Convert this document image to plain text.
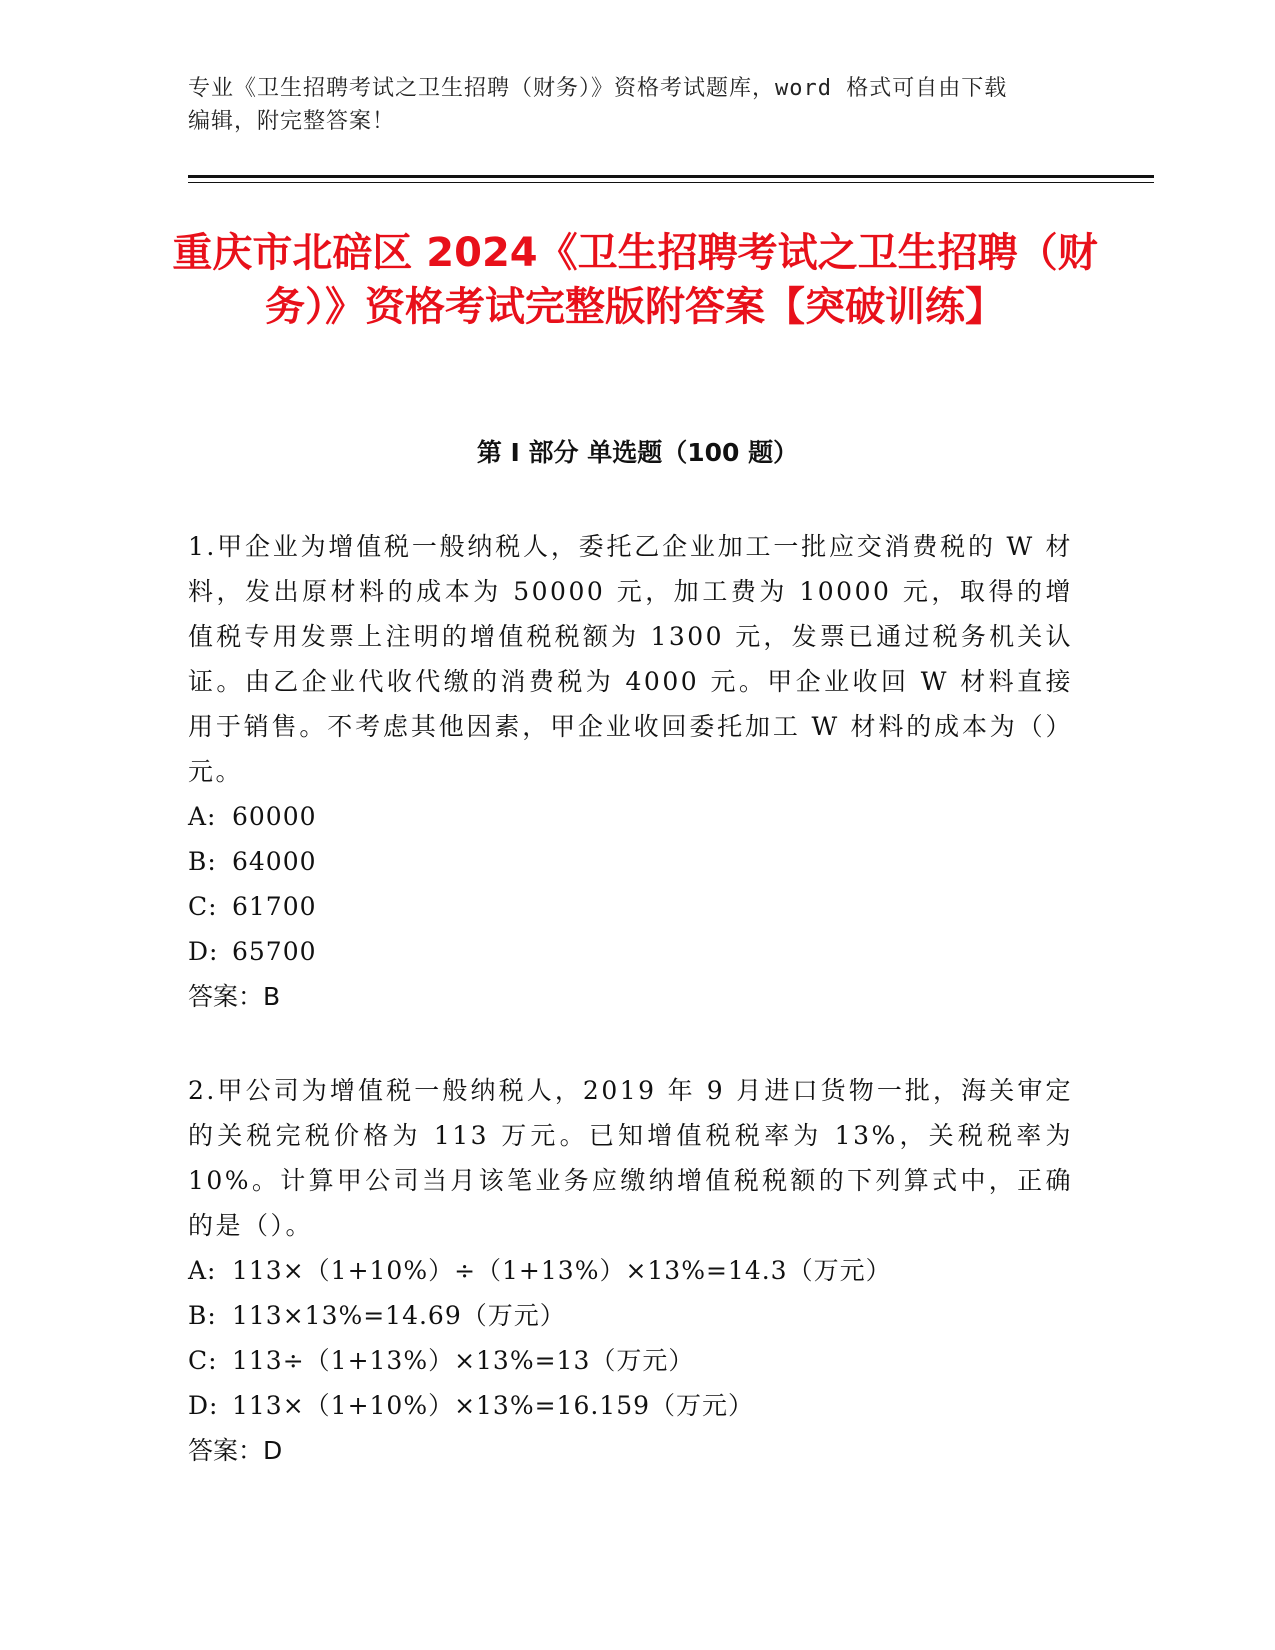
专业《卫生招聘考试之卫生招聘（财务）》资格考试题库，word 格式可自由下载
编辑，附完整答案！
重庆市北碚区 2024《卫生招聘考试之卫生招聘（财务）》资格考试完整版附答案【突破训练】
第 I 部分 单选题（100 题）

1.甲企业为增值税一般纳税人，委托乙企业加工一批应交消费税的 W 材料，发出原材料的成本为 50000 元，加工费为 10000 元，取得的增值税专用发票上注明的增值税税额为 1300 元，发票已通过税务机关认证。由乙企业代收代缴的消费税为 4000 元。甲企业收回 W 材料直接用于销售。不考虑其他因素，甲企业收回委托加工 W 材料的成本为（）元。

A: 60000

B: 64000

C: 61700

D: 65700

答案：B

2.甲公司为增值税一般纳税人，2019 年 9 月进口货物一批，海关审定的关税完税价格为 113 万元。已知增值税税率为 13%，关税税率为 10%。计算甲公司当月该笔业务应缴纳增值税税额的下列算式中，正确的是（）。

A: 113×（1+10%）÷（1+13%）×13%=14.3（万元）

B: 113×13%=14.69（万元）

C: 113÷（1+13%）×13%=13（万元）

D: 113×（1+10%）×13%=16.159（万元）

答案：D
